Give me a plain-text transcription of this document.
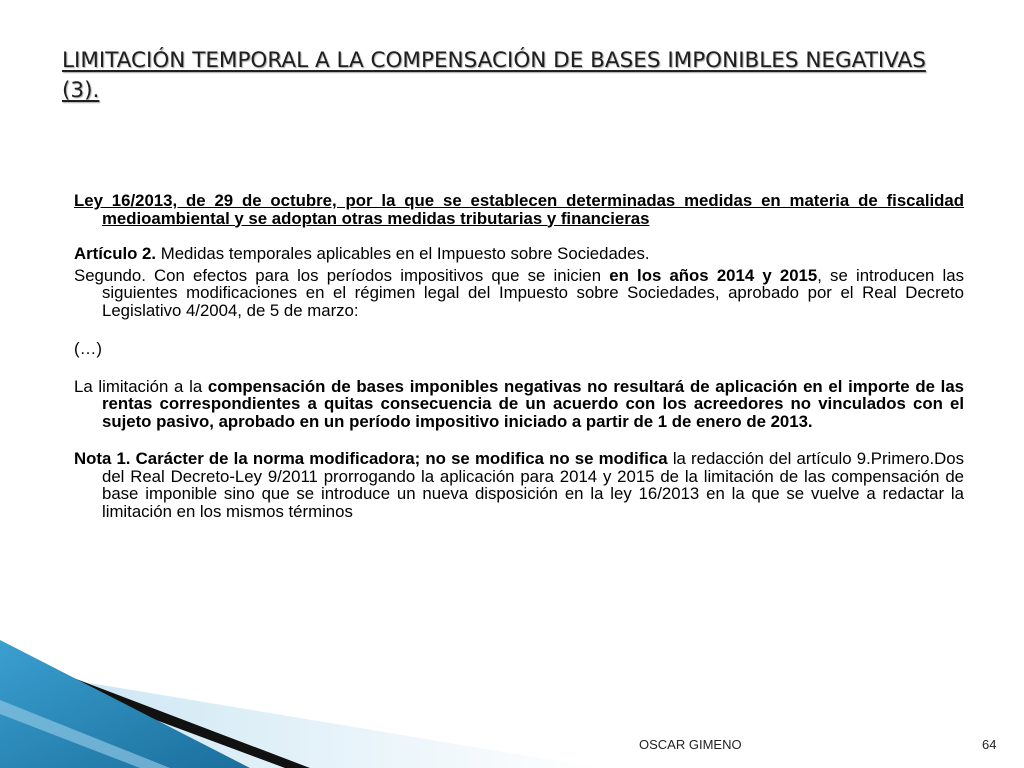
LIMITACIÓN TEMPORAL A LA COMPENSACIÓN DE BASES IMPONIBLES NEGATIVAS (3).

Ley 16/2013, de 29 de octubre, por la que se establecen determinadas medidas en materia de fiscalidad medioambiental y se adoptan otras medidas tributarias y financieras

Artículo 2. Medidas temporales aplicables en el Impuesto sobre Sociedades.

Segundo. Con efectos para los períodos impositivos que se inicien en los años 2014 y 2015, se introducen las siguientes modificaciones en el régimen legal del Impuesto sobre Sociedades, aprobado por el Real Decreto Legislativo 4/2004, de 5 de marzo:

(…)

La limitación a la compensación de bases imponibles negativas no resultará de aplicación en el importe de las rentas correspondientes a quitas consecuencia de un acuerdo con los acreedores no vinculados con el sujeto pasivo, aprobado en un período impositivo iniciado a partir de 1 de enero de 2013.

Nota 1. Carácter de la norma modificadora; no se modifica no se modifica la redacción del artículo 9.Primero.Dos del Real Decreto-Ley 9/2011 prorrogando la aplicación para 2014 y 2015 de la limitación de las compensación de base imponible sino que se introduce un nueva disposición en la ley 16/2013 en la que se vuelve a redactar la limitación en los mismos términos

OSCAR GIMENO	64
